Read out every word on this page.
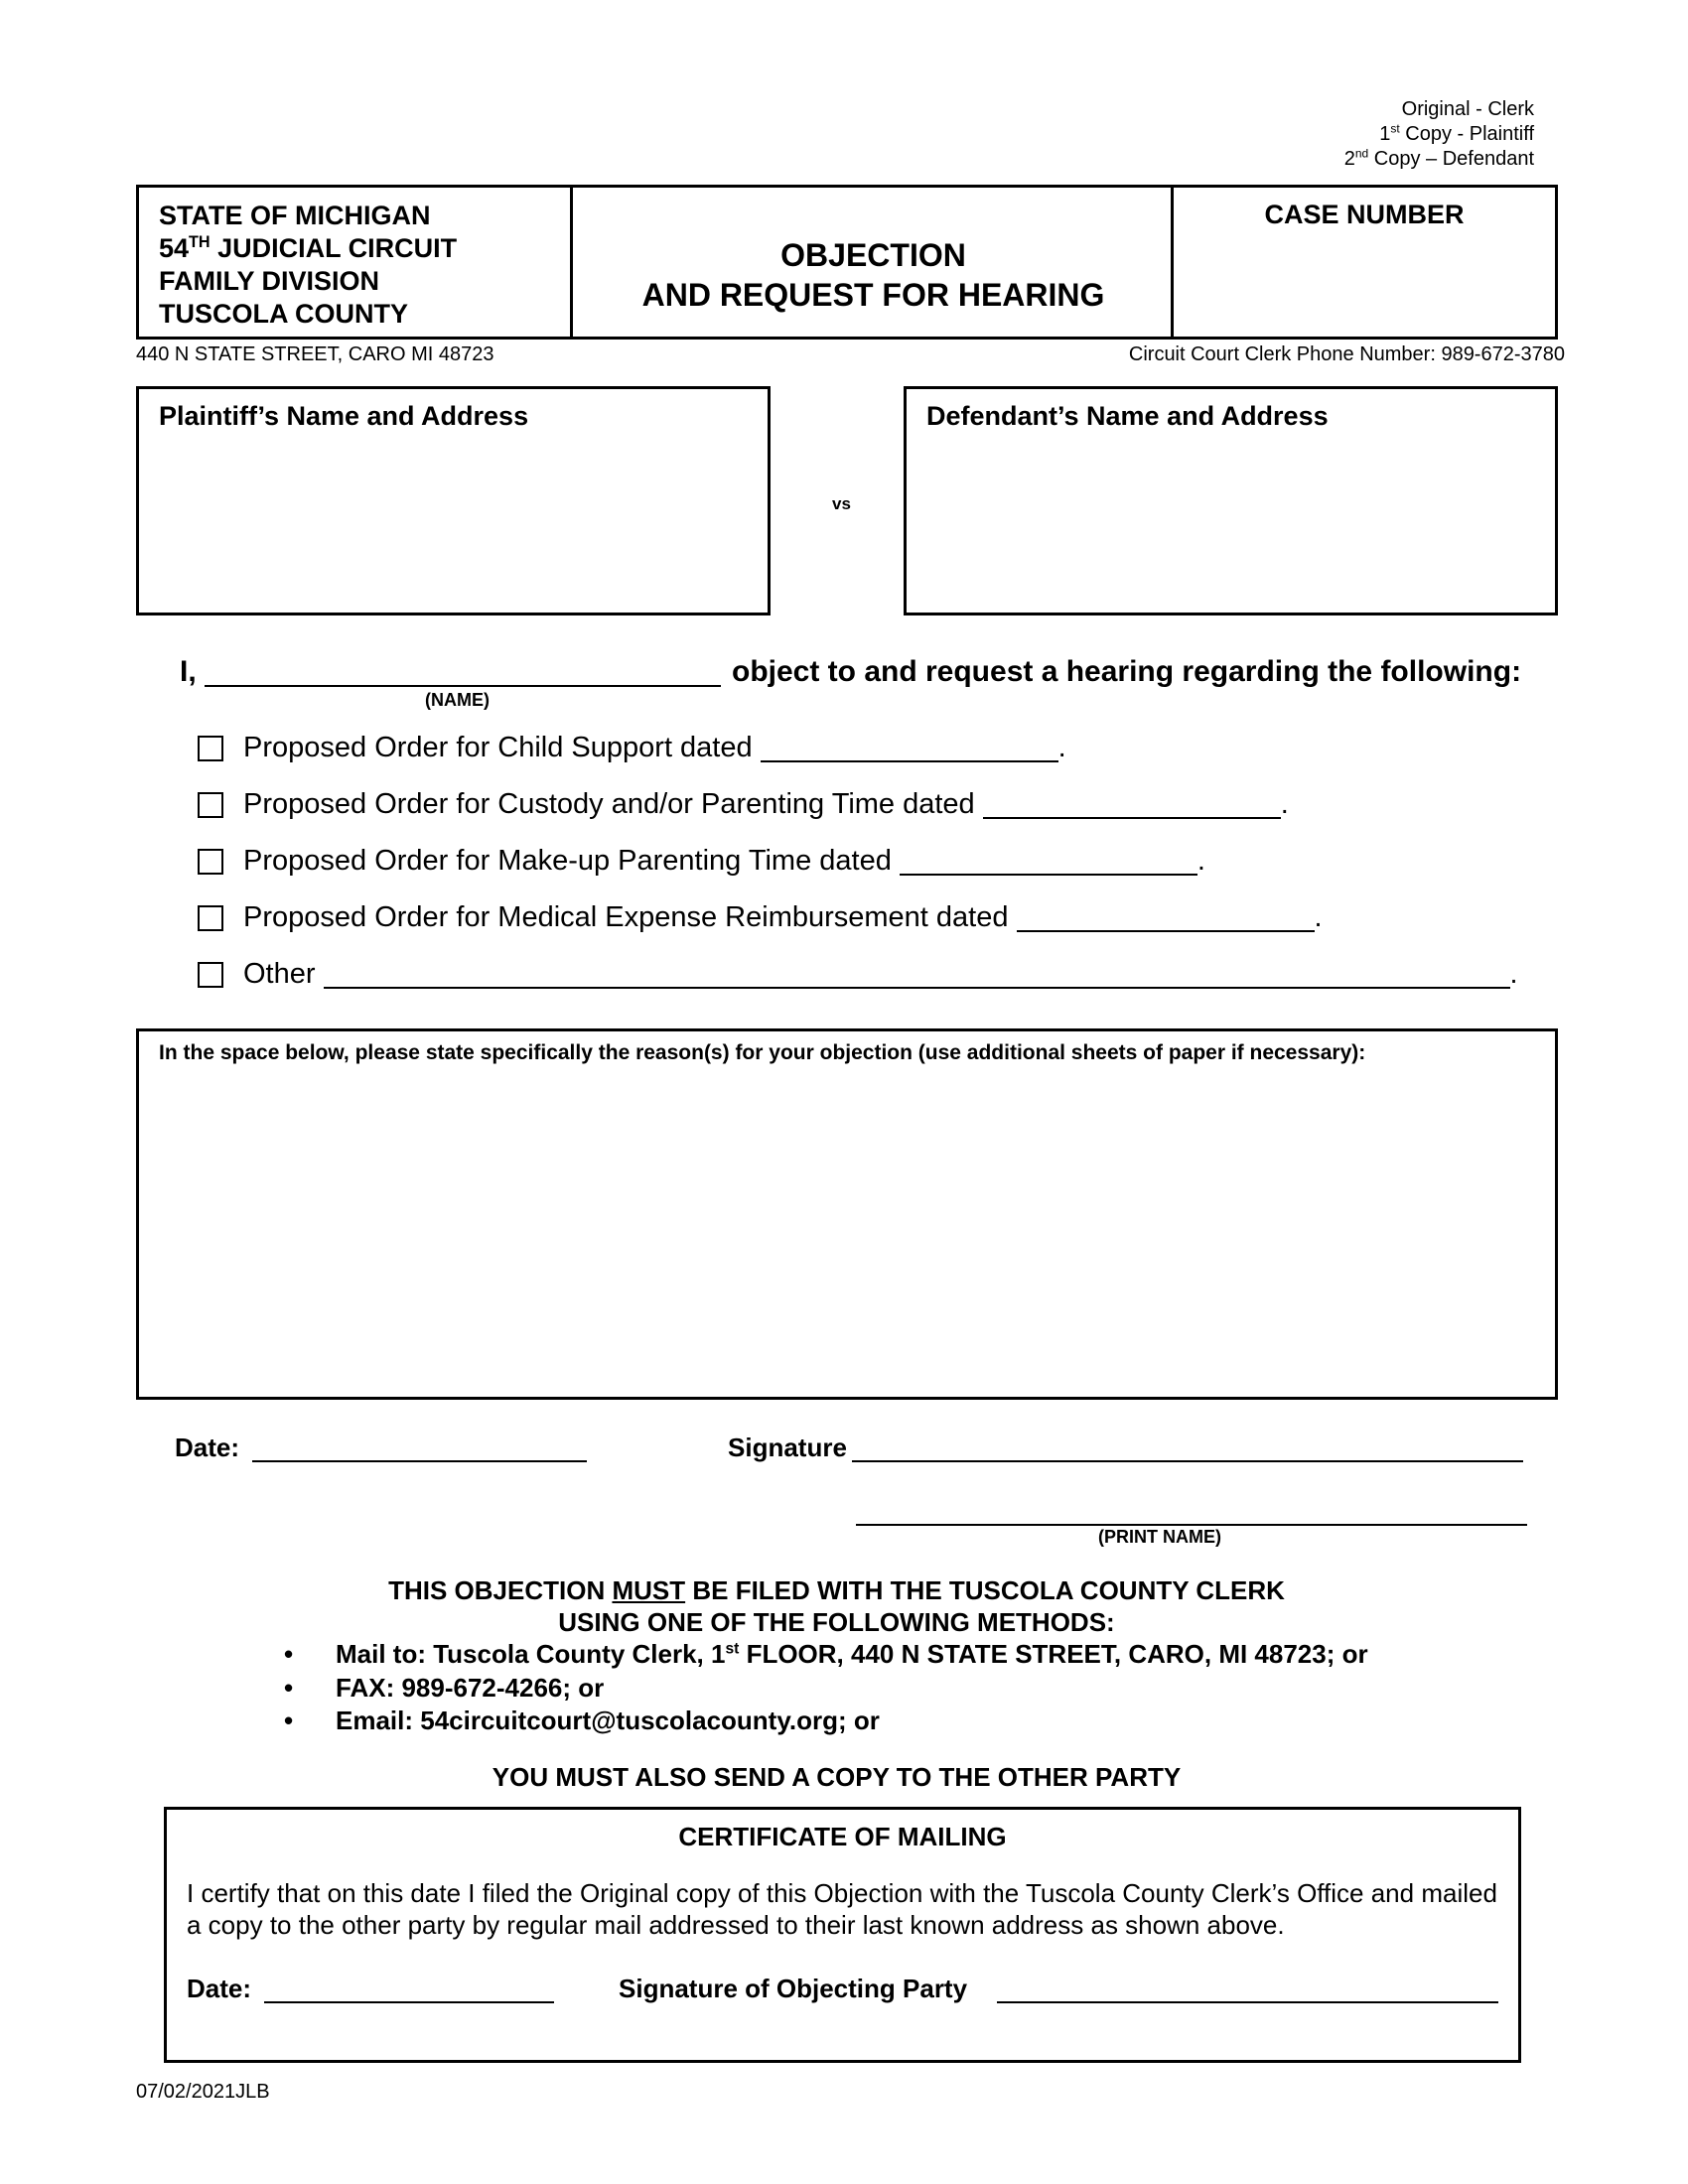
Original - Clerk
1st Copy - Plaintiff
2nd Copy – Defendant
STATE OF MICHIGAN
54TH JUDICIAL CIRCUIT
FAMILY DIVISION
TUSCOLA COUNTY
OBJECTION
AND REQUEST FOR HEARING
CASE NUMBER
440 N STATE STREET, CARO MI 48723	Circuit Court Clerk Phone Number: 989-672-3780
Plaintiff’s Name and Address
vs
Defendant’s Name and Address
I,
(NAME)
object to and request a hearing regarding the following:
Proposed Order for Child Support dated	.
Proposed Order for Custody and/or Parenting Time dated	.
Proposed Order for Make-up Parenting Time dated	.
Proposed Order for Medical Expense Reimbursement dated	.
Other	.
In the space below, please state specifically the reason(s) for your objection (use additional sheets of paper if necessary):
Date:	Signature
(PRINT NAME)
THIS OBJECTION MUST BE FILED WITH THE TUSCOLA COUNTY CLERK
USING ONE OF THE FOLLOWING METHODS:
•	Mail to: Tuscola County Clerk, 1st FLOOR, 440 N STATE STREET, CARO, MI 48723; or
•	FAX: 989-672-4266; or
•	Email: 54circuitcourt@tuscolacounty.org; or
YOU MUST ALSO SEND A COPY TO THE OTHER PARTY
CERTIFICATE OF MAILING
I certify that on this date I filed the Original copy of this Objection with the Tuscola County Clerk’s Office and mailed a copy to the other party by regular mail addressed to their last known address as shown above.
Date:	Signature of Objecting Party
07/02/2021JLB
